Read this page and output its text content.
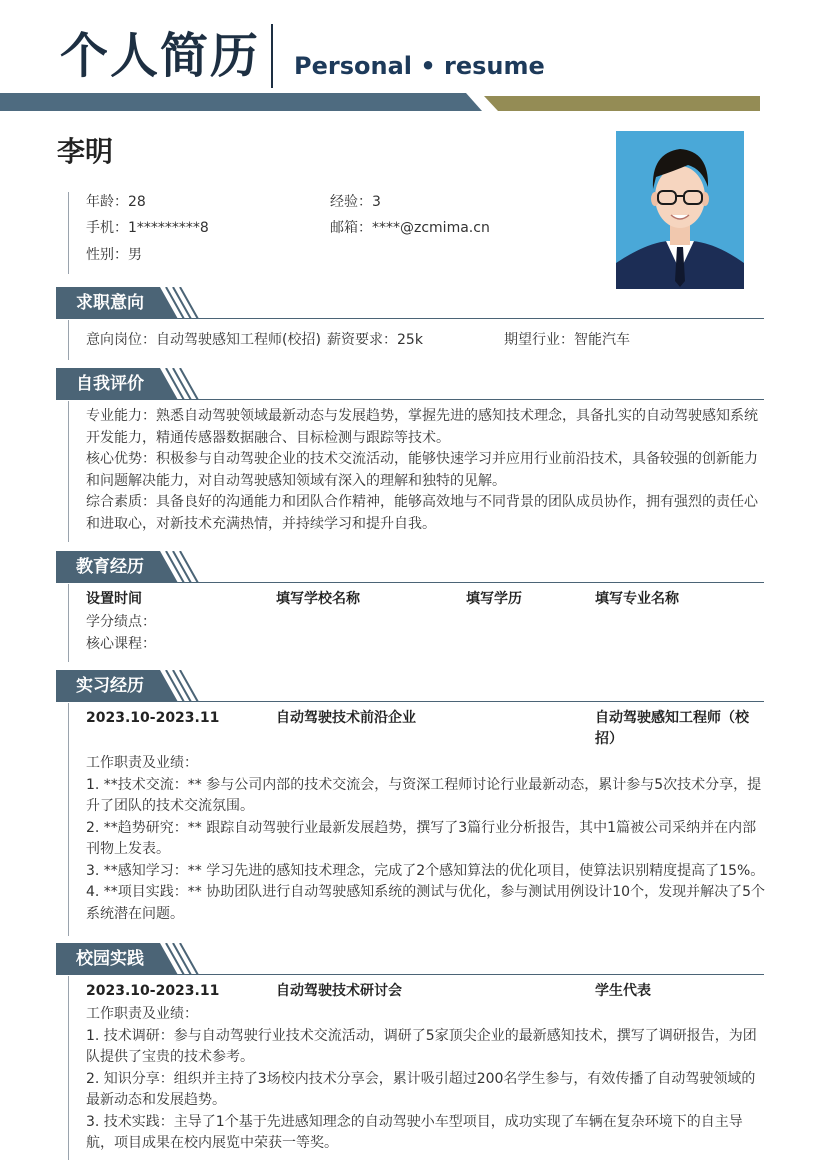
个人简历 Personal • resume
李明
年龄：28	经验：3
手机：1*********8	邮箱：****@zcmima.cn
性别：男
求职意向
意向岗位：自动驾驶感知工程师(校招) 薪资要求：25k	期望行业：智能汽车
自我评价
专业能力：熟悉自动驾驶领域最新动态与发展趋势，掌握先进的感知技术理念，具备扎实的自动驾驶感知系统开发能力，精通传感器数据融合、目标检测与跟踪等技术。
核心优势：积极参与自动驾驶企业的技术交流活动，能够快速学习并应用行业前沿技术，具备较强的创新能力和问题解决能力，对自动驾驶感知领域有深入的理解和独特的见解。
综合素质：具备良好的沟通能力和团队合作精神，能够高效地与不同背景的团队成员协作，拥有强烈的责任心和进取心，对新技术充满热情，并持续学习和提升自我。
教育经历
设置时间	填写学校名称	填写学历	填写专业名称
学分绩点：
核心课程：
实习经历
2023.10-2023.11	自动驾驶技术前沿企业	自动驾驶感知工程师（校招）
工作职责及业绩：
1. **技术交流：** 参与公司内部的技术交流会，与资深工程师讨论行业最新动态，累计参与5次技术分享，提升了团队的技术交流氛围。
2. **趋势研究：** 跟踪自动驾驶行业最新发展趋势，撰写了3篇行业分析报告，其中1篇被公司采纳并在内部刊物上发表。
3. **感知学习：** 学习先进的感知技术理念，完成了2个感知算法的优化项目，使算法识别精度提高了15%。
4. **项目实践：** 协助团队进行自动驾驶感知系统的测试与优化，参与测试用例设计10个，发现并解决了5个系统潜在问题。
校园实践
2023.10-2023.11	自动驾驶技术研讨会	学生代表
工作职责及业绩：
1. 技术调研：参与自动驾驶行业技术交流活动，调研了5家顶尖企业的最新感知技术，撰写了调研报告，为团队提供了宝贵的技术参考。
2. 知识分享：组织并主持了3场校内技术分享会，累计吸引超过200名学生参与，有效传播了自动驾驶领域的最新动态和发展趋势。
3. 技术实践：主导了1个基于先进感知理念的自动驾驶小车型项目，成功实现了车辆在复杂环境下的自主导航，项目成果在校内展览中荣获一等奖。
